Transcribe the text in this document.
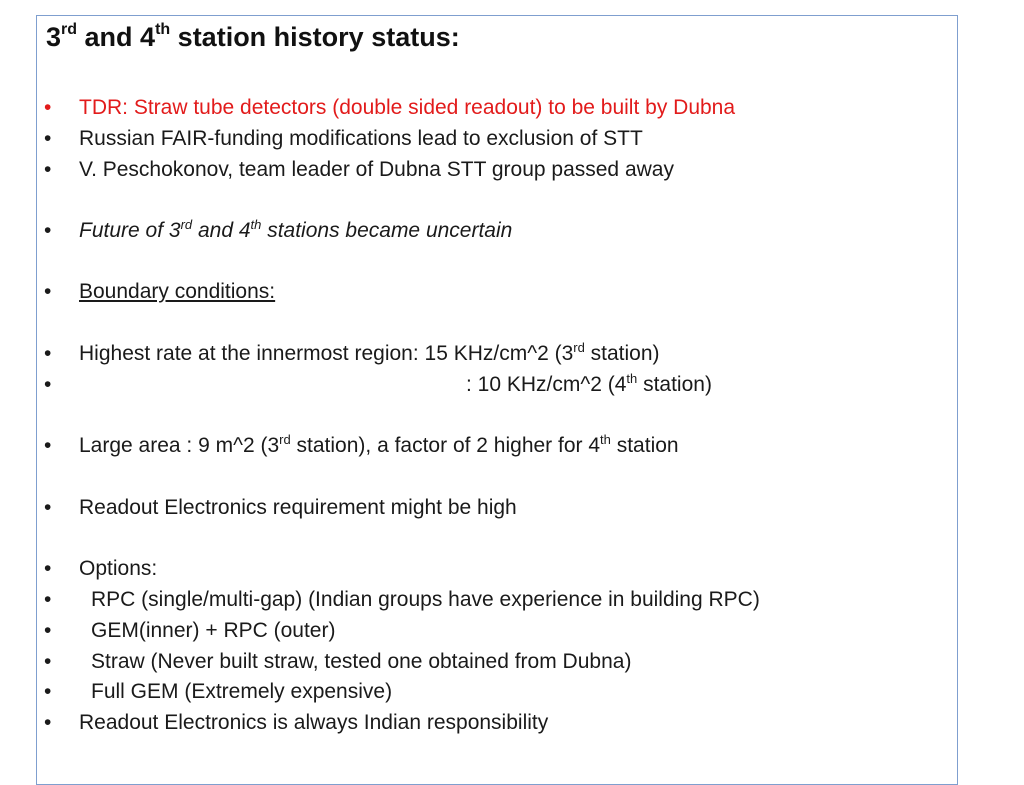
3rd and 4th station history status:
•	TDR: Straw tube detectors (double sided readout) to be built by Dubna
•	Russian FAIR-funding modifications lead to exclusion of STT
•	V. Peschokonov, team leader of Dubna STT group passed away
•	Future of 3rd and 4th stations became uncertain
•	Boundary conditions:
•	Highest rate at the innermost region: 15 KHz/cm^2 (3rd station)
•	: 10 KHz/cm^2 (4th station)
•	Large area : 9 m^2 (3rd station), a factor of 2 higher for 4th station
•	Readout Electronics requirement might be high
•	Options:
•	RPC (single/multi-gap) (Indian groups have experience in building RPC)
•	GEM(inner) + RPC (outer)
•	Straw (Never built straw, tested one obtained from Dubna)
•	Full GEM (Extremely expensive)
•	Readout Electronics is always Indian responsibility
